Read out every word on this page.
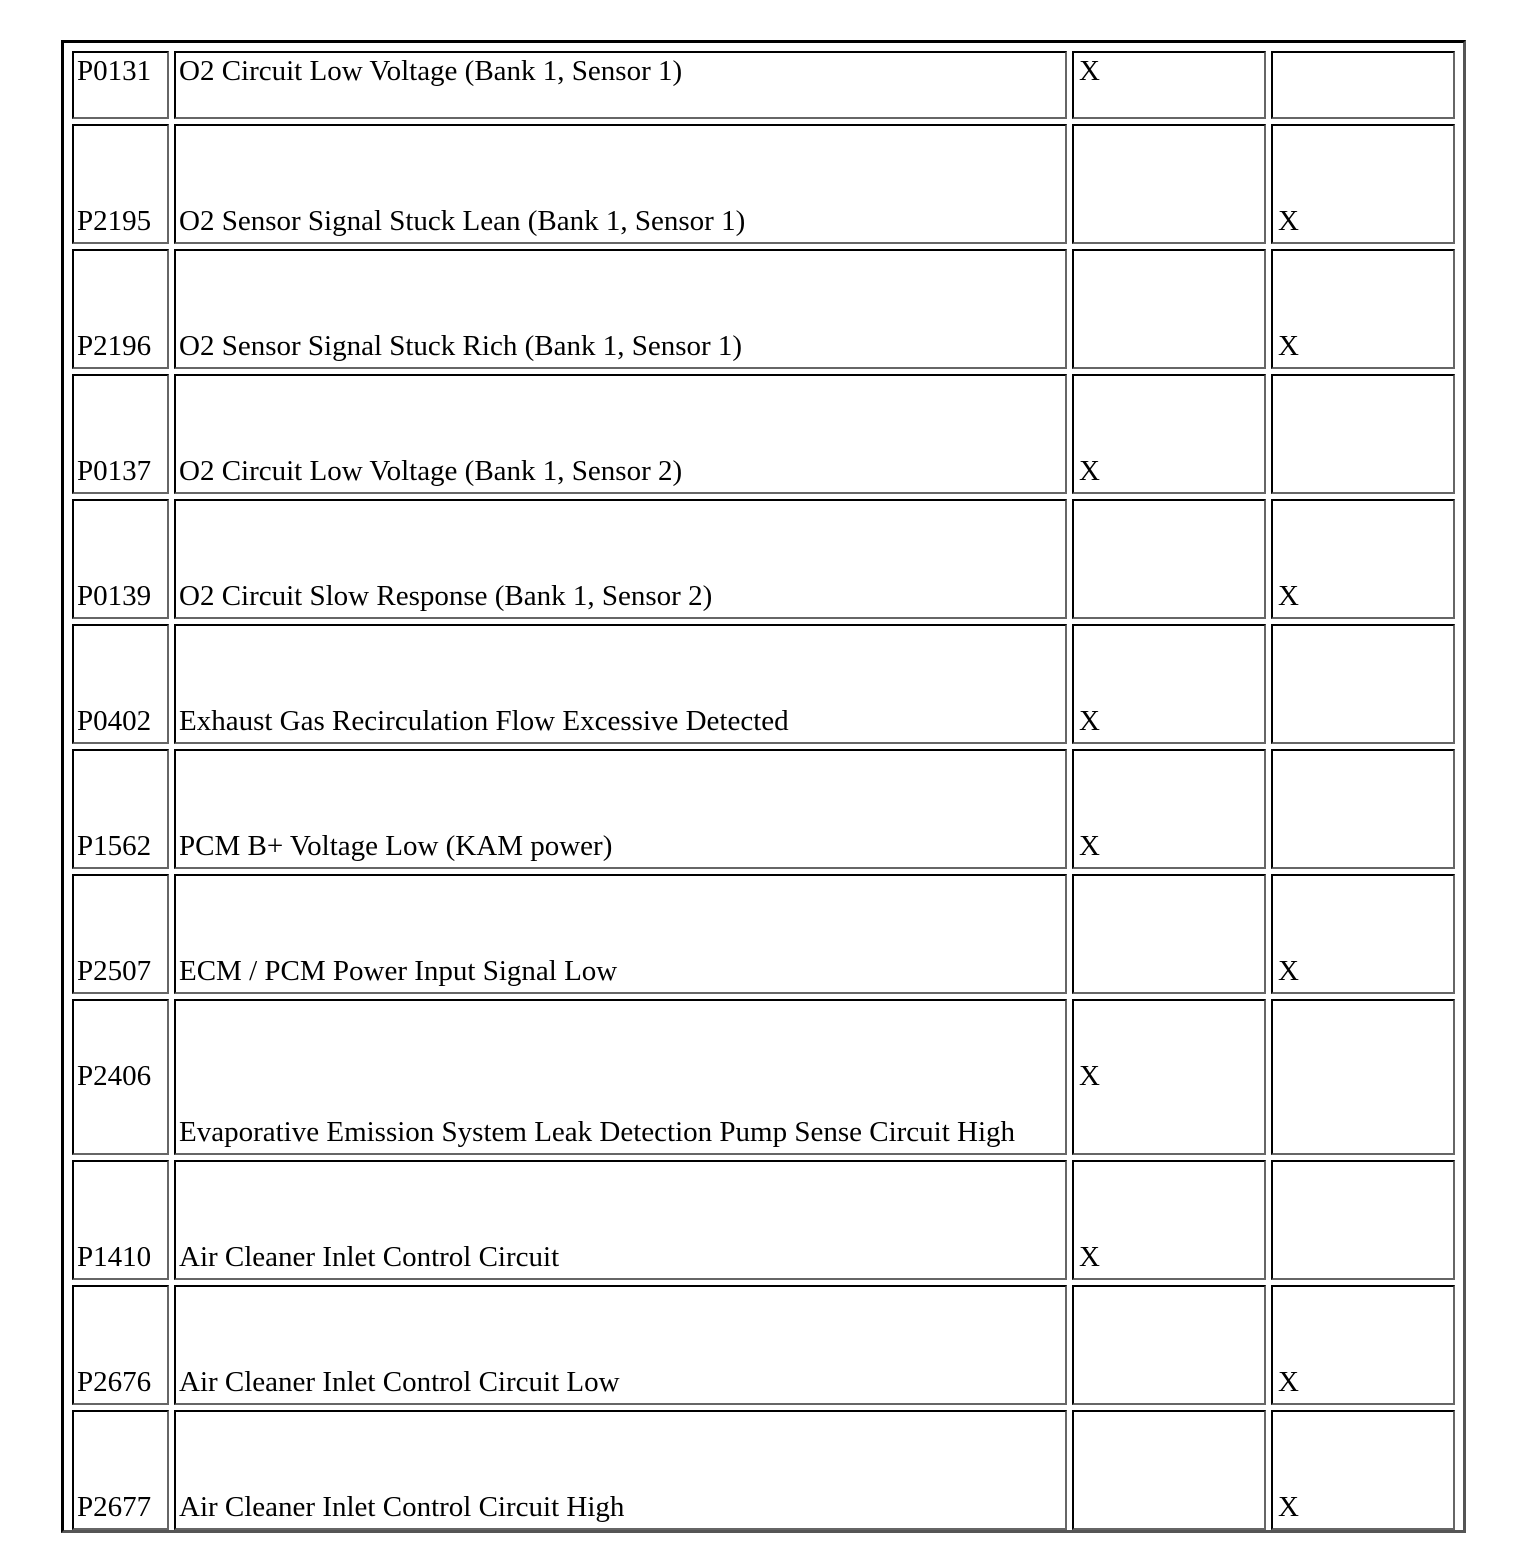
P0131	O2 Circuit Low Voltage (Bank 1, Sensor 1)	X	
P2195	O2 Sensor Signal Stuck Lean (Bank 1, Sensor 1)		X
P2196	O2 Sensor Signal Stuck Rich (Bank 1, Sensor 1)		X
P0137	O2 Circuit Low Voltage (Bank 1, Sensor 2)	X	
P0139	O2 Circuit Slow Response (Bank 1, Sensor 2)		X
P0402	Exhaust Gas Recirculation Flow Excessive Detected	X	
P1562	PCM B+ Voltage Low (KAM power)	X	
P2507	ECM / PCM Power Input Signal Low		X
P2406	Evaporative Emission System Leak Detection Pump Sense Circuit High	X	
P1410	Air Cleaner Inlet Control Circuit	X	
P2676	Air Cleaner Inlet Control Circuit Low		X
P2677	Air Cleaner Inlet Control Circuit High		X
